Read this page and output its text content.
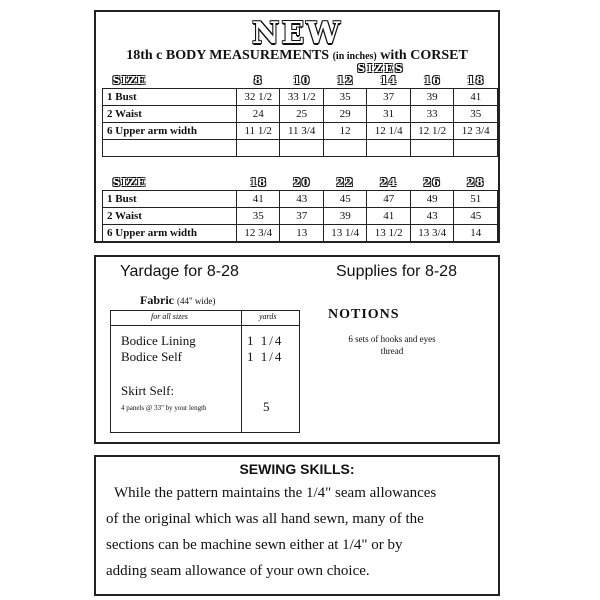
NEW
18th c BODY MEASUREMENTS (in inches) with CORSET
SIZES
SIZE	8	10	12	14	16	18
1 Bust	32 1/2	33 1/2	35	37	39	41
2 Waist	24	25	29	31	33	35
6 Upper arm width	11 1/2	11 3/4	12	12 1/4	12 1/2	12 3/4

SIZE	18	20	22	24	26	28
1 Bust	41	43	45	47	49	51
2 Waist	35	37	39	41	43	45
6 Upper arm width	12 3/4	13	13 1/4	13 1/2	13 3/4	14
Yardage for 8-28	Supplies for 8-28
Fabric (44" wide)
for all sizes	yards
Bodice Lining	1 1/4
Bodice Self	1 1/4
Skirt Self:
4 panels @ 33" by your length	5
NOTIONS
6 sets of hooks and eyes
thread
SEWING SKILLS:
While the pattern maintains the 1/4" seam allowances
of the original which was all hand sewn, many of the
sections can be machine sewn either at 1/4" or by
adding seam allowance of your own choice.
